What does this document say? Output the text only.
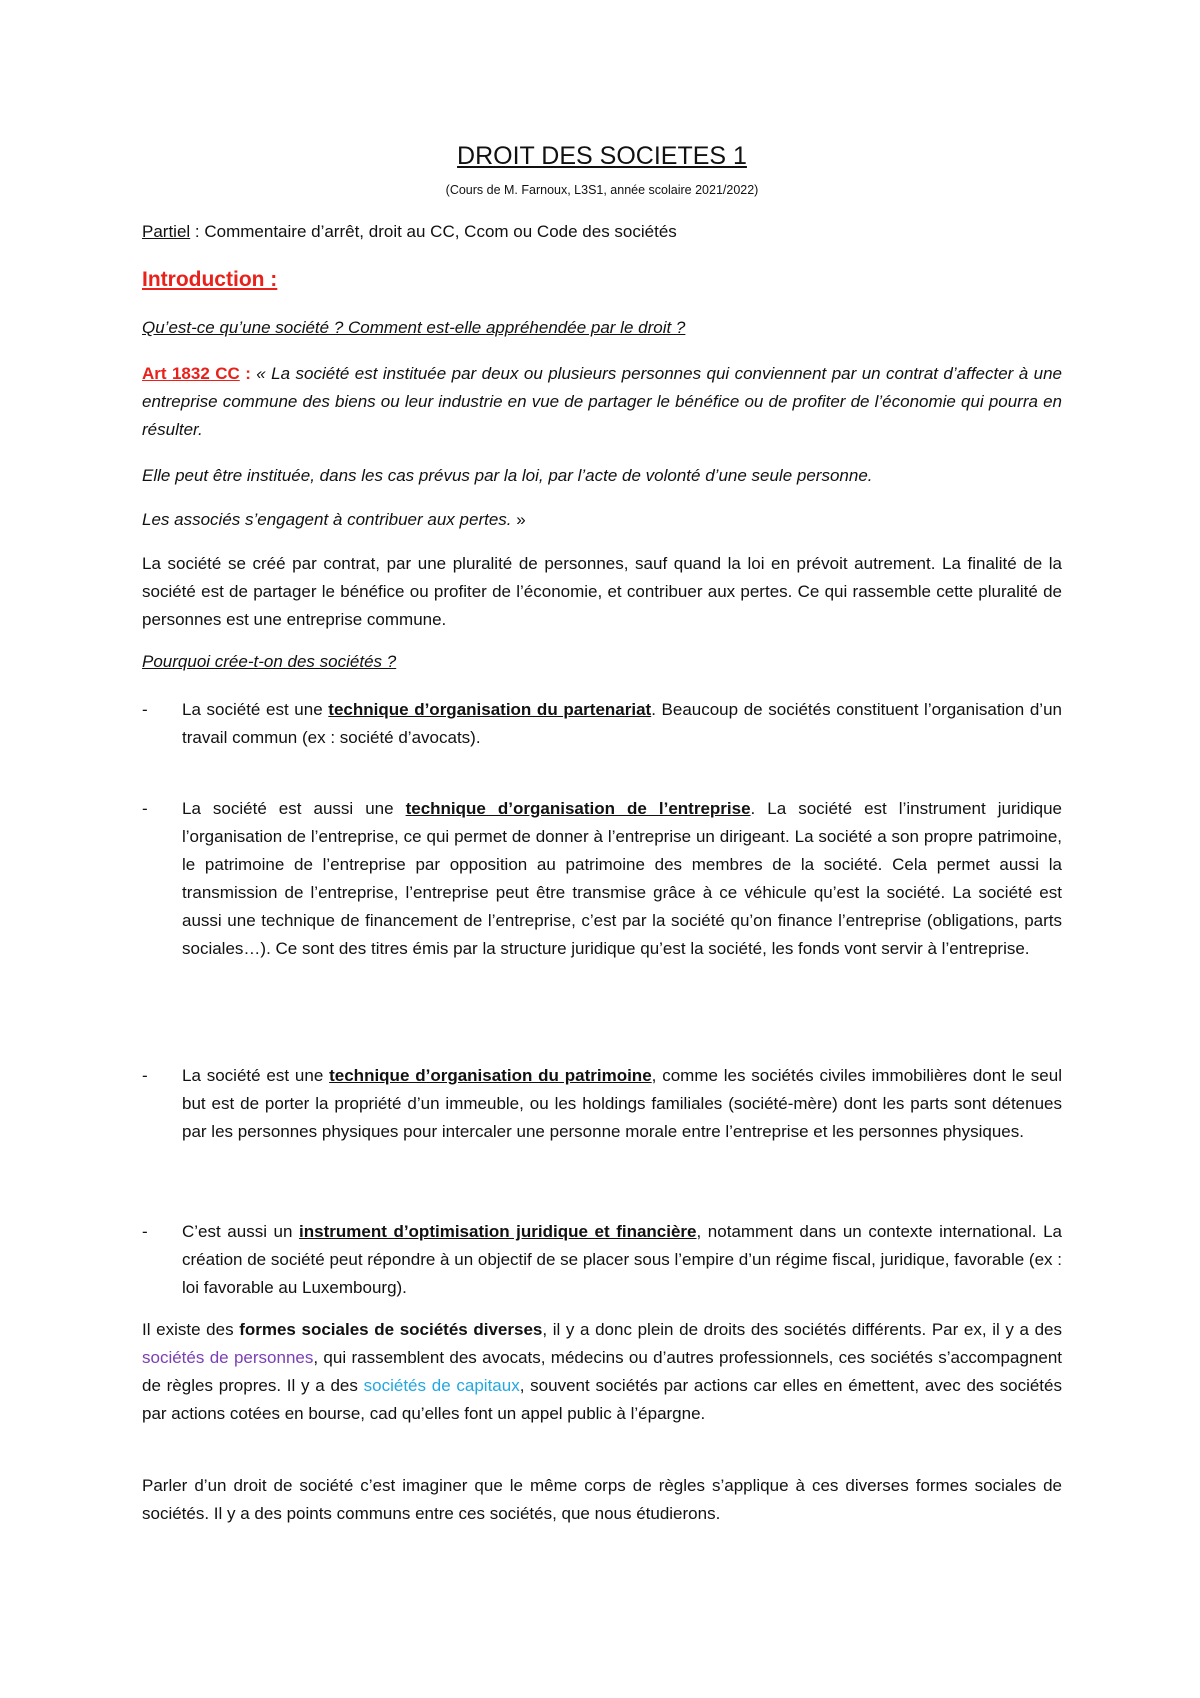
DROIT DES SOCIETES 1
(Cours de M. Farnoux, L3S1, année scolaire 2021/2022)
Partiel : Commentaire d’arrêt, droit au CC, Ccom ou Code des sociétés
Introduction :
Qu’est-ce qu’une société ? Comment est-elle appréhendée par le droit ?
Art 1832 CC : « La société est instituée par deux ou plusieurs personnes qui conviennent par un contrat d’affecter à une entreprise commune des biens ou leur industrie en vue de partager le bénéfice ou de profiter de l’économie qui pourra en résulter.
Elle peut être instituée, dans les cas prévus par la loi, par l’acte de volonté d’une seule personne.
Les associés s’engagent à contribuer aux pertes. »
La société se créé par contrat, par une pluralité de personnes, sauf quand la loi en prévoit autrement. La finalité de la société est de partager le bénéfice ou profiter de l’économie, et contribuer aux pertes. Ce qui rassemble cette pluralité de personnes est une entreprise commune.
Pourquoi crée-t-on des sociétés ?
- La société est une technique d’organisation du partenariat. Beaucoup de sociétés constituent l’organisation d’un travail commun (ex : société d’avocats).
- La société est aussi une technique d’organisation de l’entreprise. La société est l’instrument juridique l’organisation de l’entreprise, ce qui permet de donner à l’entreprise un dirigeant. La société a son propre patrimoine, le patrimoine de l’entreprise par opposition au patrimoine des membres de la société. Cela permet aussi la transmission de l’entreprise, l’entreprise peut être transmise grâce à ce véhicule qu’est la société. La société est aussi une technique de financement de l’entreprise, c’est par la société qu’on finance l’entreprise (obligations, parts sociales…). Ce sont des titres émis par la structure juridique qu’est la société, les fonds vont servir à l’entreprise.
- La société est une technique d’organisation du patrimoine, comme les sociétés civiles immobilières dont le seul but est de porter la propriété d’un immeuble, ou les holdings familiales (société-mère) dont les parts sont détenues par les personnes physiques pour intercaler une personne morale entre l’entreprise et les personnes physiques.
- C’est aussi un instrument d’optimisation juridique et financière, notamment dans un contexte international. La création de société peut répondre à un objectif de se placer sous l’empire d’un régime fiscal, juridique, favorable (ex : loi favorable au Luxembourg).
Il existe des formes sociales de sociétés diverses, il y a donc plein de droits des sociétés différents. Par ex, il y a des sociétés de personnes, qui rassemblent des avocats, médecins ou d’autres professionnels, ces sociétés s’accompagnent de règles propres. Il y a des sociétés de capitaux, souvent sociétés par actions car elles en émettent, avec des sociétés par actions cotées en bourse, cad qu’elles font un appel public à l’épargne.
Parler d’un droit de société c’est imaginer que le même corps de règles s’applique à ces diverses formes sociales de sociétés. Il y a des points communs entre ces sociétés, que nous étudierons.
